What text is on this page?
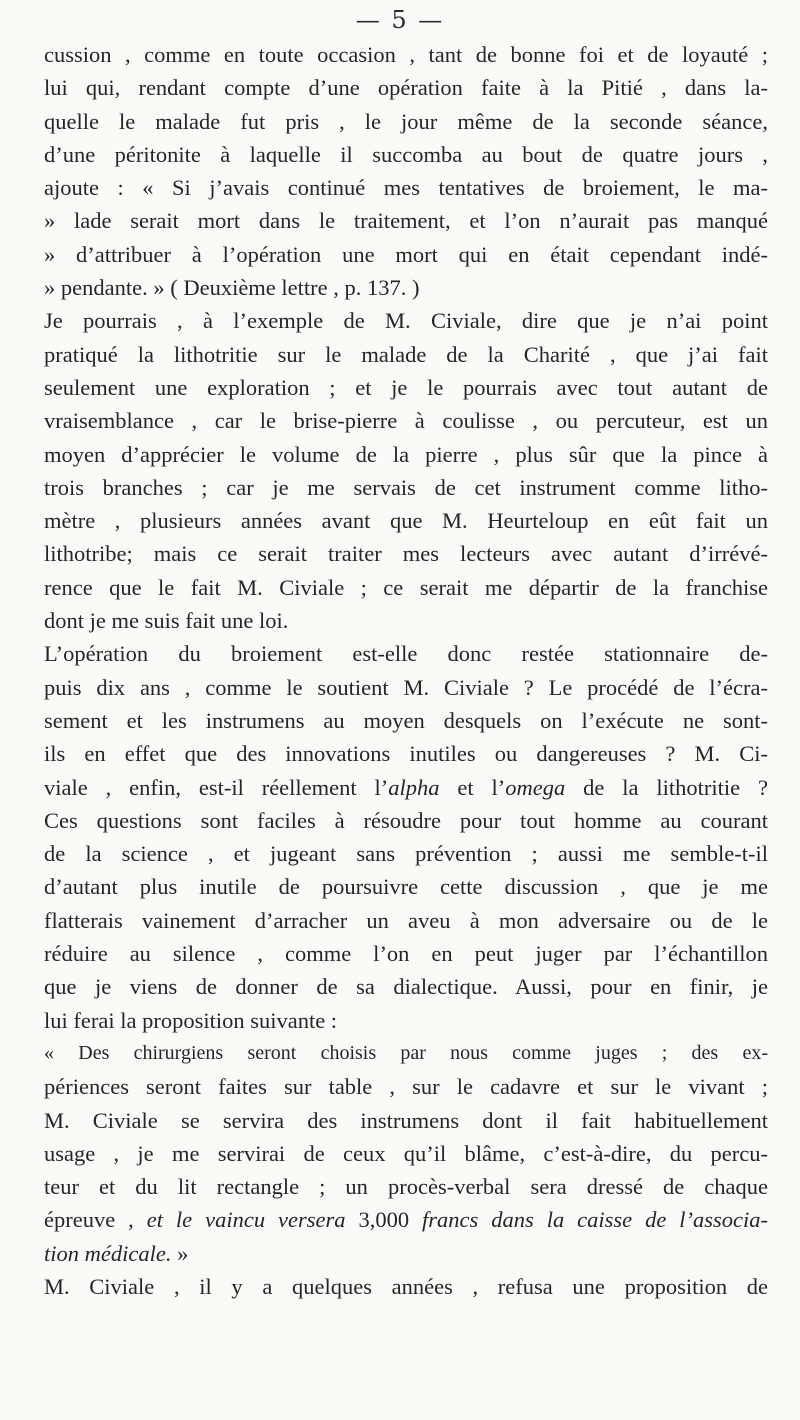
— 5 —
cussion , comme en toute occasion , tant de bonne foi et de loyauté ;
lui qui, rendant compte d’une opération faite à la Pitié , dans la-
quelle le malade fut pris , le jour même de la seconde séance,
d’une péritonite à laquelle il succomba au bout de quatre jours ,
ajoute : « Si j’avais continué mes tentatives de broiement, le ma-
» lade serait mort dans le traitement, et l’on n’aurait pas manqué
» d’attribuer à l’opération une mort qui en était cependant indé-
» pendante. » ( Deuxième lettre , p. 137. )
Je pourrais , à l’exemple de M. Civiale, dire que je n’ai point
pratiqué la lithotritie sur le malade de la Charité , que j’ai fait
seulement une exploration ; et je le pourrais avec tout autant de
vraisemblance , car le brise-pierre à coulisse , ou percuteur, est un
moyen d’apprécier le volume de la pierre , plus sûr que la pince à
trois branches ; car je me servais de cet instrument comme litho-
mètre , plusieurs années avant que M. Heurteloup en eût fait un
lithotribe; mais ce serait traiter mes lecteurs avec autant d’irrévé-
rence que le fait M. Civiale ; ce serait me départir de la franchise
dont je me suis fait une loi.
L’opération du broiement est-elle donc restée stationnaire de-
puis dix ans , comme le soutient M. Civiale ? Le procédé de l’écra-
sement et les instrumens au moyen desquels on l’exécute ne sont-
ils en effet que des innovations inutiles ou dangereuses ? M. Ci-
viale , enfin, est-il réellement l’alpha et l’omega de la lithotritie ?
Ces questions sont faciles à résoudre pour tout homme au courant
de la science , et jugeant sans prévention ; aussi me semble-t-il
d’autant plus inutile de poursuivre cette discussion , que je me
flatterais vainement d’arracher un aveu à mon adversaire ou de le
réduire au silence , comme l’on en peut juger par l’échantillon
que je viens de donner de sa dialectique. Aussi, pour en finir, je
lui ferai la proposition suivante :
« Des chirurgiens seront choisis par nous comme juges ; des ex-
périences seront faites sur table , sur le cadavre et sur le vivant ;
M. Civiale se servira des instrumens dont il fait habituellement
usage , je me servirai de ceux qu’il blâme, c’est-à-dire, du percu-
teur et du lit rectangle ; un procès-verbal sera dressé de chaque
épreuve , et le vaincu versera 3,000 francs dans la caisse de l’associa-
tion médicale. »
M. Civiale , il y a quelques années , refusa une proposition de
